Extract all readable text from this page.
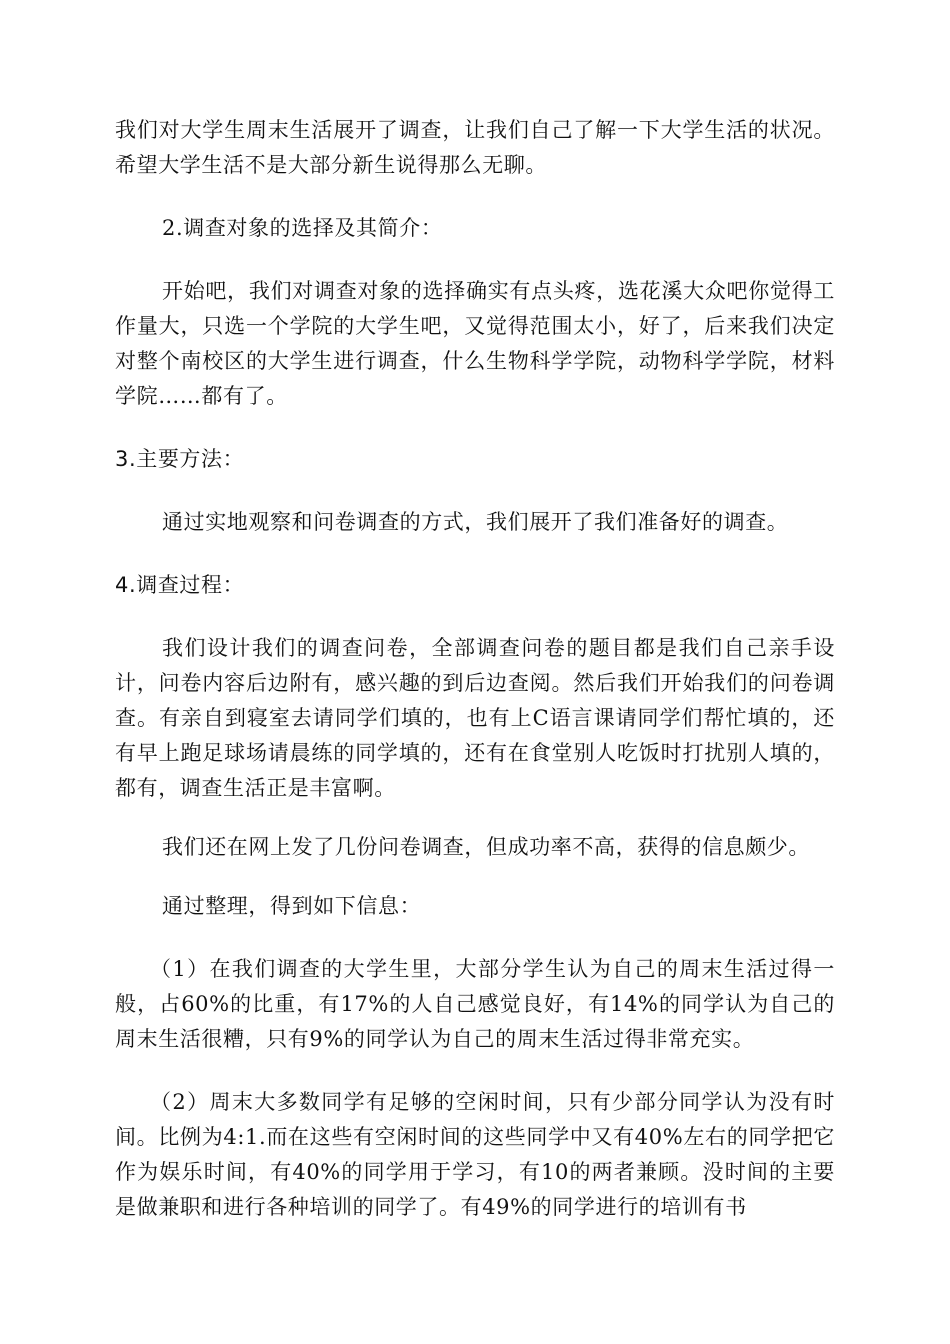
我们对大学生周末生活展开了调查，让我们自己了解一下大学生活的状况。希望大学生活不是大部分新生说得那么无聊。

2.调查对象的选择及其简介：

开始吧，我们对调查对象的选择确实有点头疼，选花溪大众吧你觉得工作量大，只选一个学院的大学生吧，又觉得范围太小，好了，后来我们决定对整个南校区的大学生进行调查，什么生物科学学院，动物科学学院，材料学院……都有了。

3.主要方法：

通过实地观察和问卷调查的方式，我们展开了我们准备好的调查。

4.调查过程：

我们设计我们的调查问卷，全部调查问卷的题目都是我们自己亲手设计，问卷内容后边附有，感兴趣的到后边查阅。然后我们开始我们的问卷调查。有亲自到寝室去请同学们填的，也有上C语言课请同学们帮忙填的，还有早上跑足球场请晨练的同学填的，还有在食堂别人吃饭时打扰别人填的，都有，调查生活正是丰富啊。

我们还在网上发了几份问卷调查，但成功率不高，获得的信息颇少。

通过整理，得到如下信息：

（1）在我们调查的大学生里，大部分学生认为自己的周末生活过得一般，占60%的比重，有17%的人自己感觉良好，有14%的同学认为自己的周末生活很糟，只有9%的同学认为自己的周末生活过得非常充实。

（2）周末大多数同学有足够的空闲时间，只有少部分同学认为没有时间。比例为4:1.而在这些有空闲时间的这些同学中又有40%左右的同学把它作为娱乐时间，有40%的同学用于学习，有10的两者兼顾。没时间的主要是做兼职和进行各种培训的同学了。有49%的同学进行的培训有书
